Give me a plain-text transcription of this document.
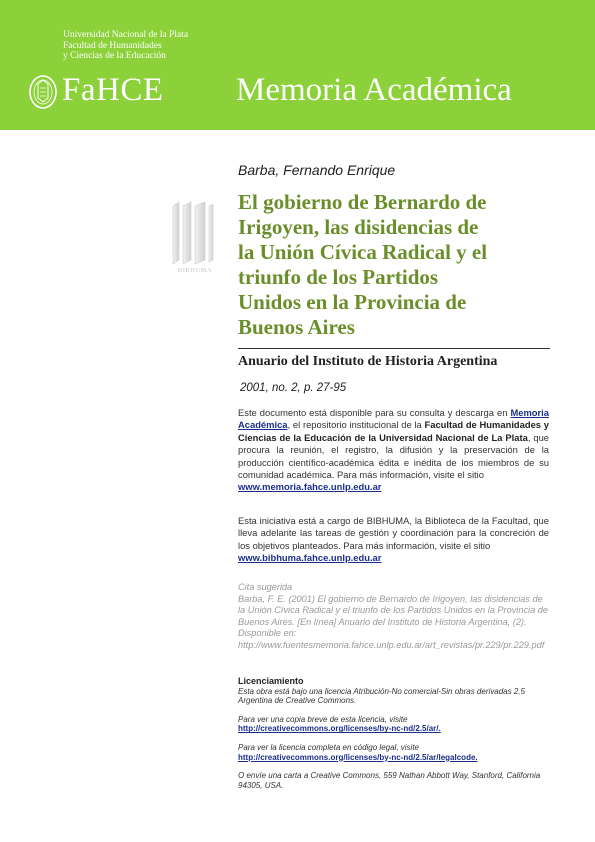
Universidad Nacional de la Plata
Facultad de Humanidades
y Ciencias de la Educación
FaHCE Memoria Académica
BIBHUMA
Barba, Fernando Enrique
El gobierno de Bernardo de
Irigoyen, las disidencias de
la Unión Cívica Radical y el
triunfo de los Partidos
Unidos en la Provincia de
Buenos Aires
Anuario del Instituto de Historia Argentina
2001, no. 2, p. 27-95
Este documento está disponible para su consulta y descarga en Memoria Académica, el repositorio institucional de la Facultad de Humanidades y Ciencias de la Educación de la Universidad Nacional de La Plata, que procura la reunión, el registro, la difusión y la preservación de la producción científico-académica édita e inédita de los miembros de su comunidad académica. Para más información, visite el sitio
www.memoria.fahce.unlp.edu.ar
Esta iniciativa está a cargo de BIBHUMA, la Biblioteca de la Facultad, que lleva adelante las tareas de gestión y coordinación para la concreción de los objetivos planteados. Para más información, visite el sitio
www.bibhuma.fahce.unlp.edu.ar
Cita sugerida
Barba, F. E. (2001) El gobierno de Bernardo de Irigoyen, las disidencias de la Unión Cívica Radical y el triunfo de los Partidos Unidos en la Provincia de Buenos Aires. [En línea] Anuario del Instituto de Historia Argentina, (2). Disponible en: http://www.fuentesmemoria.fahce.unlp.edu.ar/art_revistas/pr.229/pr.229.pdf
Licenciamiento
Esta obra está bajo una licencia Atribución-No comercial-Sin obras derivadas 2.5 Argentina de Creative Commons.
Para ver una copia breve de esta licencia, visite
http://creativecommons.org/licenses/by-nc-nd/2.5/ar/.
Para ver la licencia completa en código legal, visite
http://creativecommons.org/licenses/by-nc-nd/2.5/ar/legalcode.
O envíe una carta a Creative Commons, 559 Nathan Abbott Way, Stanford, California 94305, USA.
